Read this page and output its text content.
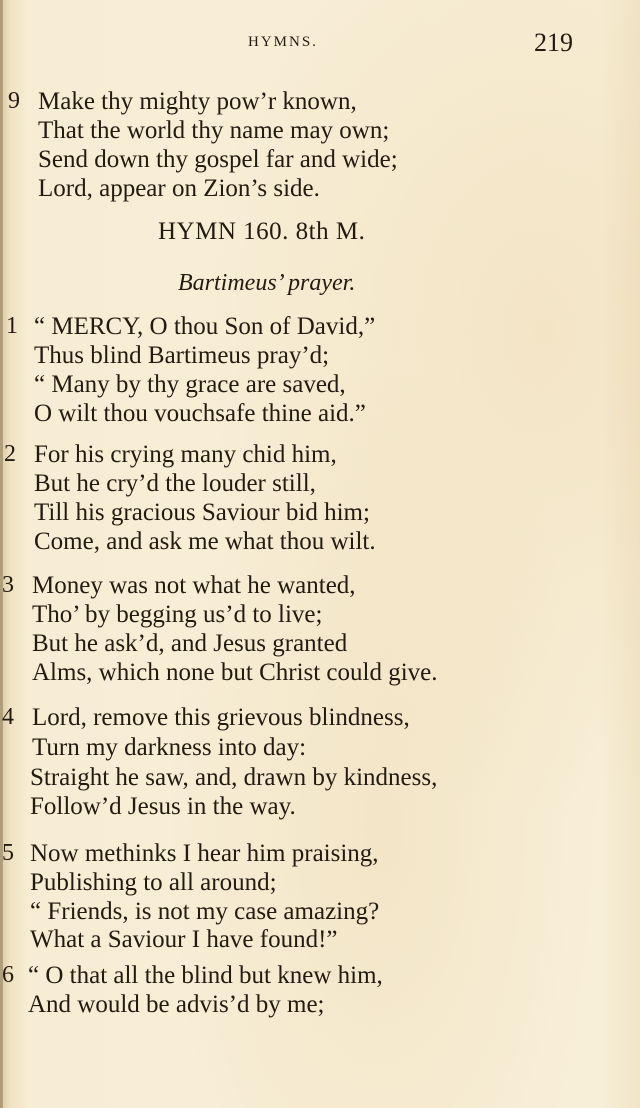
HYMNS.	219
9 Make thy mighty pow’r known,
That the world thy name may own;
Send down thy gospel far and wide;
Lord, appear on Zion’s side.
HYMN 160. 8th M.
Bartimeus’ prayer.
1 “ MERCY, O thou Son of David,”
Thus blind Bartimeus pray’d;
“ Many by thy grace are saved,
O wilt thou vouchsafe thine aid.”
2 For his crying many chid him,
But he cry’d the louder still,
Till his gracious Saviour bid him;
Come, and ask me what thou wilt.
3 Money was not what he wanted,
Tho’ by begging us’d to live;
But he ask’d, and Jesus granted
Alms, which none but Christ could give.
4 Lord, remove this grievous blindness,
Turn my darkness into day:
Straight he saw, and, drawn by kindness,
Follow’d Jesus in the way.
5 Now methinks I hear him praising,
Publishing to all around;
“ Friends, is not my case amazing?
What a Saviour I have found!”
6 “ O that all the blind but knew him,
And would be advis’d by me;
